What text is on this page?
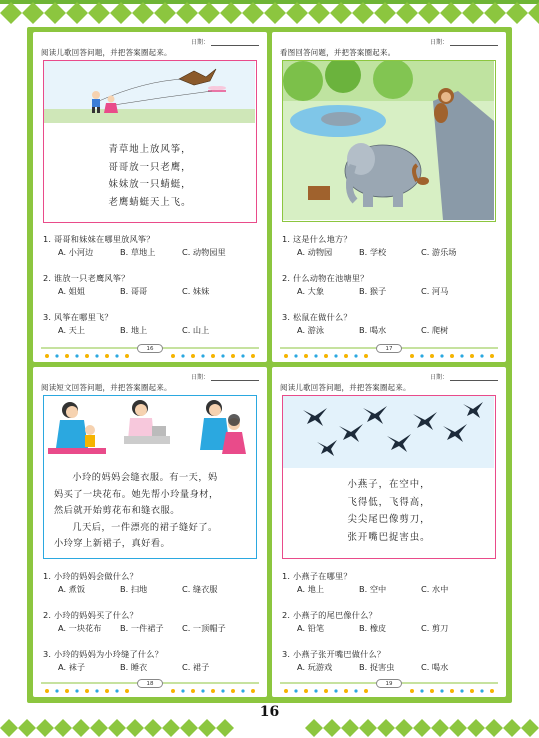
日期：
阅读儿歌回答问题，并把答案圈起来。
青草地上放风筝，
哥哥放一只老鹰，
妹妹放一只蜻蜓，
老鹰蜻蜓天上飞。
1. 哥哥和妹妹在哪里放风筝？
A. 小河边	B. 草地上	C. 动物园里
2. 谁放一只老鹰风筝？
A. 姐姐	B. 哥哥	C. 妹妹
3. 风筝在哪里飞？
A. 天上	B. 地上	C. 山上
16
日期：
看图回答问题，并把答案圈起来。
1. 这是什么地方？
A. 动物园	B. 学校	C. 游乐场
2. 什么动物在池塘里？
A. 大象	B. 猴子	C. 河马
3. 松鼠在做什么？
A. 游泳	B. 喝水	C. 爬树
17
日期：
阅读短文回答问题，并把答案圈起来。
小玲的妈妈会缝衣服。有一天，妈
妈买了一块花布。她先帮小玲量身材，
然后就开始剪花布和缝衣服。
几天后，一件漂亮的裙子缝好了。
小玲穿上新裙子，真好看。
1. 小玲的妈妈会做什么？
A. 煮饭	B. 扫地	C. 缝衣服
2. 小玲的妈妈买了什么？
A. 一块花布	B. 一件裙子	C. 一顶帽子
3. 小玲的妈妈为小玲缝了什么？
A. 袜子	B. 睡衣	C. 裙子
18
日期：
阅读儿歌回答问题，并把答案圈起来。
小燕子，在空中，
飞得低，飞得高，
尖尖尾巴像剪刀，
张开嘴巴捉害虫。
1. 小燕子在哪里？
A. 地上	B. 空中	C. 水中
2. 小燕子的尾巴像什么？
A. 铅笔	B. 橡皮	C. 剪刀
3. 小燕子张开嘴巴做什么？
A. 玩游戏	B. 捉害虫	C. 喝水
19
16
